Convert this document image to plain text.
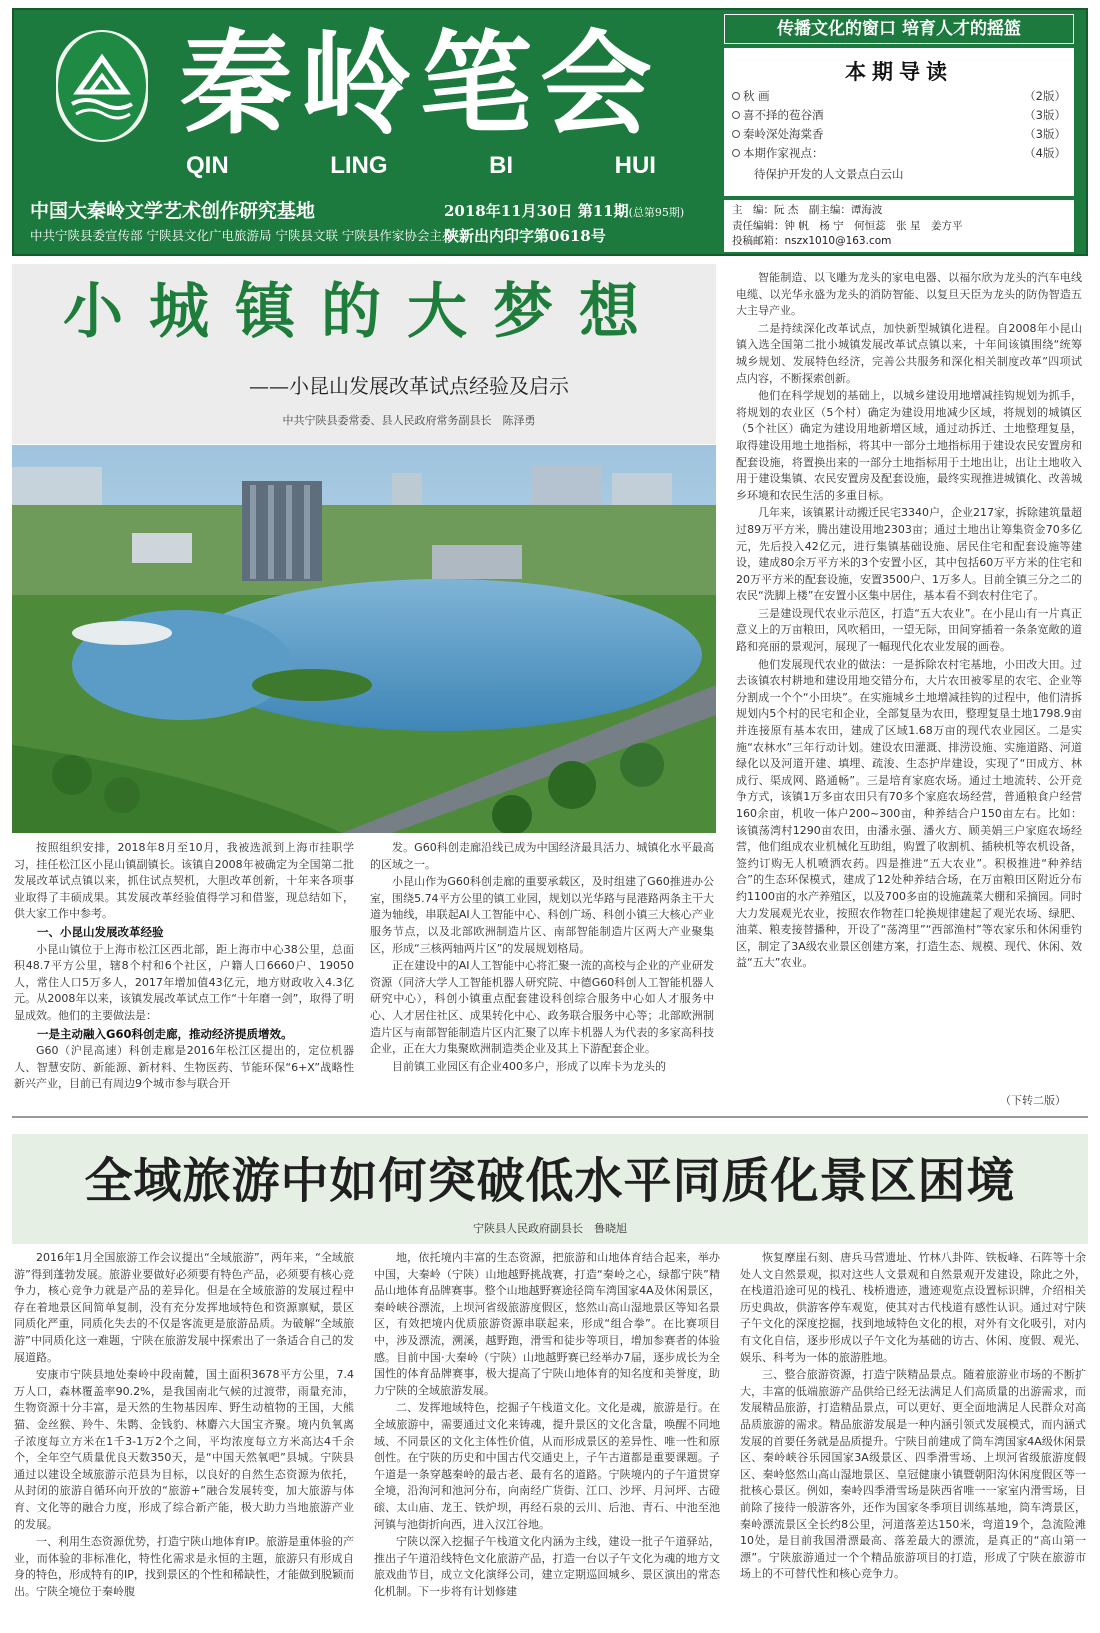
秦岭笔会
QIN	LING	BI	HUI
中国大秦岭文学艺术创作研究基地
中共宁陕县委宣传部 宁陕县文化广电旅游局 宁陕县文联 宁陕县作家协会主办
2018年11月30日 第11期(总第95期)
陕新出内印字第0618号
传播文化的窗口 培育人才的摇篮
本期导读
秋 画	（2版）
喜不择的苞谷酒	（3版）
秦岭深处海棠香	（3版）
本期作家视点：	（4版）
待保护开发的人文景点白云山
主　编：阮 杰　副主编：谭海波
责任编辑：钟 帆　杨 宁　何恒蕊　张 星　姜方平
投稿邮箱：nszx1010@163.com
小城镇的大梦想
——小昆山发展改革试点经验及启示
中共宁陕县委常委、县人民政府常务副县长　陈泽勇

按照组织安排，2018年8月至10月，我被选派到上海市挂职学习，挂任松江区小昆山镇副镇长。该镇自2008年被确定为全国第二批发展改革试点镇以来，抓住试点契机，大胆改革创新，十年来各项事业取得了丰硕成果。其发展改革经验值得学习和借鉴，现总结如下，供大家工作中参考。

一、小昆山发展改革经验

小昆山镇位于上海市松江区西北部，距上海市中心38公里，总面积48.7平方公里，辖8个村和6个社区，户籍人口6660户、19050人，常住人口5万多人，2017年增加值43亿元，地方财政收入4.3亿元。从2008年以来，该镇发展改革试点工作“十年磨一剑”，取得了明显成效。他们的主要做法是：

一是主动融入G60科创走廊，推动经济提质增效。

G60（沪昆高速）科创走廊是2016年松江区提出的，定位机器人、智慧安防、新能源、新材料、生物医药、节能环保“6+X”战略性新兴产业，目前已有周边9个城市参与联合开

发。G60科创走廊沿线已成为中国经济最具活力、城镇化水平最高的区域之一。

小昆山作为G60科创走廊的重要承载区，及时组建了G60推进办公室，围绕5.74平方公里的镇工业园，规划以光华路与昆港路两条主干大道为轴线，串联起AI人工智能中心、科创广场、科创小镇三大核心产业服务节点，以及北部欧洲制造片区、南部智能制造片区两大产业聚集区，形成“三核两轴两片区”的发展规划格局。

正在建设中的AI人工智能中心将汇聚一流的高校与企业的产业研发资源（同济大学人工智能机器人研究院、中德G60科创人工智能机器人研究中心），科创小镇重点配套建设科创综合服务中心如人才服务中心、人才居住社区、成果转化中心、政务联合服务中心等；北部欧洲制造片区与南部智能制造片区内汇聚了以库卡机器人为代表的多家高科技企业，正在大力集聚欧洲制造类企业及其上下游配套企业。

目前镇工业园区有企业400多户，形成了以库卡为龙头的

智能制造、以飞雕为龙头的家电电器、以福尔欣为龙头的汽车电线电缆、以光华永盛为龙头的消防智能、以复旦天臣为龙头的防伪智造五大主导产业。

二是持续深化改革试点，加快新型城镇化进程。自2008年小昆山镇入选全国第二批小城镇发展改革试点镇以来，十年间该镇围绕“统筹城乡规划、发展特色经济，完善公共服务和深化相关制度改革”四项试点内容，不断探索创新。

他们在科学规划的基础上，以城乡建设用地增减挂钩规划为抓手，将规划的农业区（5个村）确定为建设用地减少区域，将规划的城镇区（5个社区）确定为建设用地新增区域，通过动拆迁、土地整理复垦，取得建设用地土地指标，将其中一部分土地指标用于建设农民安置房和配套设施，将置换出来的一部分土地指标用于土地出让，出让土地收入用于建设集镇、农民安置房及配套设施，最终实现推进城镇化、改善城乡环境和农民生活的多重目标。

几年来，该镇累计动搬迁民宅3340户，企业217家，拆除建筑量超过89万平方米，腾出建设用地2303亩；通过土地出让筹集资金70多亿元，先后投入42亿元，进行集镇基础设施、居民住宅和配套设施等建设，建成80余万平方米的3个安置小区，其中包括60万平方米的住宅和20万平方米的配套设施，安置3500户、1万多人。目前全镇三分之二的农民“洗脚上楼”在安置小区集中居住，基本看不到农村住宅了。

三是建设现代农业示范区，打造“五大农业”。在小昆山有一片真正意义上的万亩粮田，风吹稻田，一望无际，田间穿插着一条条宽敞的道路和亮丽的景观河，展现了一幅现代化农业发展的画卷。

他们发展现代农业的做法：一是拆除农村宅基地，小田改大田。过去该镇农村耕地和建设用地交错分布，大片农田被零星的农宅、企业等分割成一个个“小田块”。在实施城乡土地增减挂钩的过程中，他们清拆规划内5个村的民宅和企业，全部复垦为农田，整理复垦土地1798.9亩并连接原有基本农田，建成了区域1.68万亩的现代农业园区。二是实施“农林水”三年行动计划。建设农田灌溉、排涝设施、实施道路、河道绿化以及河道开建、填埋、疏浚、生态护岸建设，实现了“田成方、林成行、渠成网、路通畅”。三是培育家庭农场。通过土地流转、公开竞争方式，该镇1万多亩农田只有70多个家庭农场经营，普通粮食户经营160余亩，机收一体户200~300亩，种养结合户150亩左右。比如：该镇荡湾村1290亩农田，由潘永强、潘火方、顾美娟三户家庭农场经营，他们组成农业机械化互助组，购置了收割机、插秧机等农机设备，签约订购无人机喷洒农药。四是推进“五大农业”。积极推进“种养结合”的生态环保模式，建成了12处种养结合场，在万亩粮田区附近分布约1100亩的水产养殖区，以及700多亩的设施蔬菜大棚和采摘园。同时大力发展观光农业，按照农作物茬口轮换规律建起了观光农场、绿肥、油菜、粮麦接替播种，开设了“荡湾里”“西部渔村”等农家乐和休闲垂钓区，制定了3A级农业景区创建方案，打造生态、规模、现代、休闲、效益“五大”农业。

（下转二版）
全域旅游中如何突破低水平同质化景区困境
宁陕县人民政府副县长　鲁晓旭

2016年1月全国旅游工作会议提出“全域旅游”，两年来，“全域旅游”得到蓬勃发展。旅游业要做好必须要有特色产品，必须要有核心竞争力，核心竞争力就是产品的差异化。但是在全域旅游的发展过程中存在着地景区间简单复制，没有充分发挥地域特色和资源禀赋，景区同质化严重，同质化失去的不仅是客流更是旅游品质。为破解“全域旅游”中同质化这一难题，宁陕在旅游发展中探索出了一条适合自己的发展道路。

安康市宁陕县地处秦岭中段南麓，国土面积3678平方公里，7.4万人口，森林覆盖率90.2%，是我国南北气候的过渡带，雨量充沛，生物资源十分丰富，是天然的生物基因库、野生动植物的王国，大熊猫、金丝猴、羚牛、朱鹮、金钱豹、林麝六大国宝齐聚。境内负氧离子浓度每立方米在1千3-1万2个之间，平均浓度每立方米高达4千余个，全年空气质量优良天数350天，是“中国天然氧吧”县城。宁陕县通过以建设全域旅游示范县为目标，以良好的自然生态资源为依托，从封闭的旅游自循环向开放的“旅游+”融合发展转变，加大旅游与体育、文化等的融合力度，形成了综合新产能，极大助力当地旅游产业的发展。

一、利用生态资源优势，打造宁陕山地体育IP。旅游是重体验的产业，而体验的非标准化，特性化需求是永恒的主题，旅游只有形成自身的特色，形成特有的IP，找到景区的个性和稀缺性，才能做到脱颖而出。宁陕全境位于秦岭腹

地，依托境内丰富的生态资源，把旅游和山地体育结合起来，举办中国，大秦岭（宁陕）山地越野挑战赛，打造“秦岭之心，绿都宁陕”精品山地体育品牌赛事。整个山地越野赛途径筒车湾国家4A及休闲景区，秦岭峡谷漂流，上坝河省级旅游度假区，悠然山高山湿地景区等知名景区，有效把境内优质旅游资源串联起来，形成“组合拳”。在比赛项目中，涉及漂流，溯溪，越野跑，滑雪和徒步等项目，增加参赛者的体验感。目前中国·大秦岭（宁陕）山地越野赛已经举办7届，逐步成长为全国性的体育品牌赛事，极大提高了宁陕山地体育的知名度和美誉度，助力宁陕的全域旅游发展。

二、发挥地域特色，挖掘子午栈道文化。文化是魂，旅游是行。在全域旅游中，需要通过文化来铸魂，提升景区的文化含量，唤醒不同地域、不同景区的文化主体性价值，从而形成景区的差异性、唯一性和原创性。在宁陕的历史和中国古代交通史上，子午古道都是重要课题。子午道是一条穿越秦岭的最古老、最有名的道路。宁陕境内的子午道贯穿全境，沿洵河和池河分布，向南经广货街、江口、沙坪、月河坪、古磴磙、太山庙、龙王、铁炉坝，再经石泉的云川、后池、青石、中池至池河镇与池街折向西，进入汉江谷地。

宁陕以深入挖掘子午栈道文化内涵为主线，建设一批子午道驿站，推出子午道沿线特色文化旅游产品，打造一台以子午文化为魂的地方文旅戏曲节目，成立文化演绎公司，建立定期巡回城乡、景区演出的常态化机制。下一步将有计划修建

恢复摩崖石刻、唐兵马营遗址、竹林八卦阵、铁板峰、石阵等十余处人文自然景观，拟对这些人文景观和自然景观开发建设，除此之外，在栈道沿途可见的栈孔、栈桥遗迹，遗迹观览点设置标识牌，介绍相关历史典故，供游客停车观览，使其对古代栈道有感性认识。通过对宁陕子午文化的深度挖掘，找到地域特色文化的根，对外有文化吸引，对内有文化自信，逐步形成以子午文化为基础的访古、休闲、度假、观光、娱乐、科考为一体的旅游胜地。

三、整合旅游资源，打造宁陕精品景点。随着旅游业市场的不断扩大，丰富的低端旅游产品供给已经无法满足人们高质量的出游需求，而发展精品旅游，打造精品景点，可以更好、更全面地满足人民群众对高品质旅游的需求。精品旅游发展是一种内涵引领式发展模式，而内涵式发展的首要任务就是品质提升。宁陕目前建成了筒车湾国家4A级休闲景区、秦岭峡谷乐园国家3A级景区、四季滑雪场、上坝河省级旅游度假区、秦岭悠然山高山湿地景区、皇冠健康小镇暨朝阳沟休闲度假区等一批核心景区。例如，秦岭四季滑雪场是陕西省唯一一家室内滑雪场，目前除了接待一般游客外，还作为国家冬季项目训练基地，筒车湾景区，秦岭漂流景区全长约8公里，河道落差达150米，弯道19个，急流险滩10处，是目前我国滑漂最高、落差最大的漂流，是真正的“高山第一漂”。宁陕旅游通过一个个精品旅游项目的打造，形成了宁陕在旅游市场上的不可替代性和核心竞争力。
